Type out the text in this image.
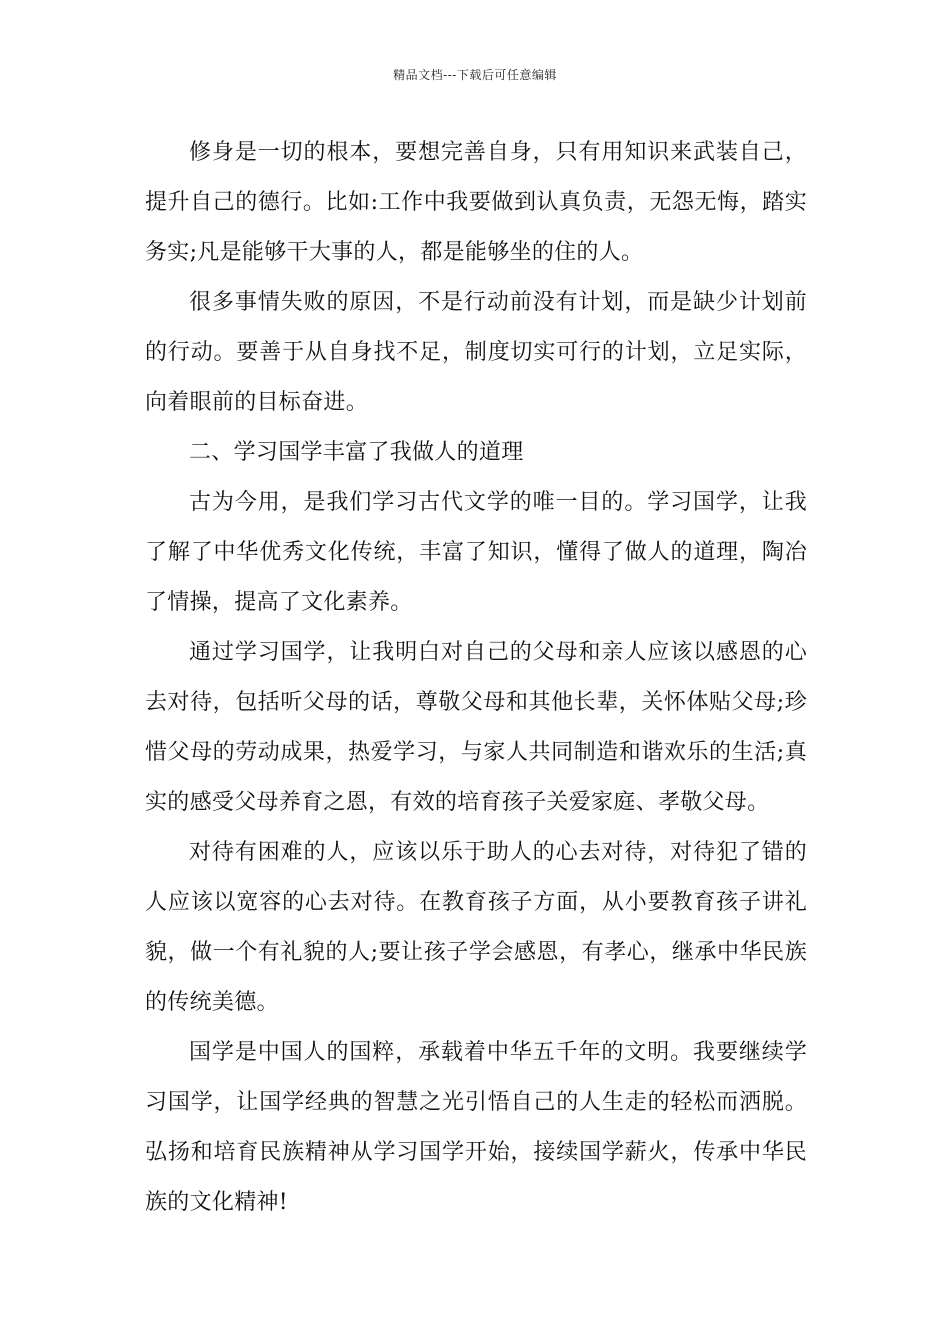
精品文档---下载后可任意编辑

修身是一切的根本，要想完善自身，只有用知识来武装自己，提升自己的德行。比如:工作中我要做到认真负责，无怨无悔，踏实务实;凡是能够干大事的人，都是能够坐的住的人。

很多事情失败的原因，不是行动前没有计划，而是缺少计划前的行动。要善于从自身找不足，制度切实可行的计划，立足实际，向着眼前的目标奋进。

二、学习国学丰富了我做人的道理

古为今用，是我们学习古代文学的唯一目的。学习国学，让我了解了中华优秀文化传统，丰富了知识，懂得了做人的道理，陶冶了情操，提高了文化素养。

通过学习国学，让我明白对自己的父母和亲人应该以感恩的心去对待，包括听父母的话，尊敬父母和其他长辈，关怀体贴父母;珍惜父母的劳动成果，热爱学习，与家人共同制造和谐欢乐的生活;真实的感受父母养育之恩，有效的培育孩子关爱家庭、孝敬父母。

对待有困难的人，应该以乐于助人的心去对待，对待犯了错的人应该以宽容的心去对待。在教育孩子方面，从小要教育孩子讲礼貌，做一个有礼貌的人;要让孩子学会感恩，有孝心，继承中华民族的传统美德。

国学是中国人的国粹，承载着中华五千年的文明。我要继续学习国学，让国学经典的智慧之光引悟自己的人生走的轻松而洒脱。弘扬和培育民族精神从学习国学开始，接续国学薪火，传承中华民族的文化精神!
